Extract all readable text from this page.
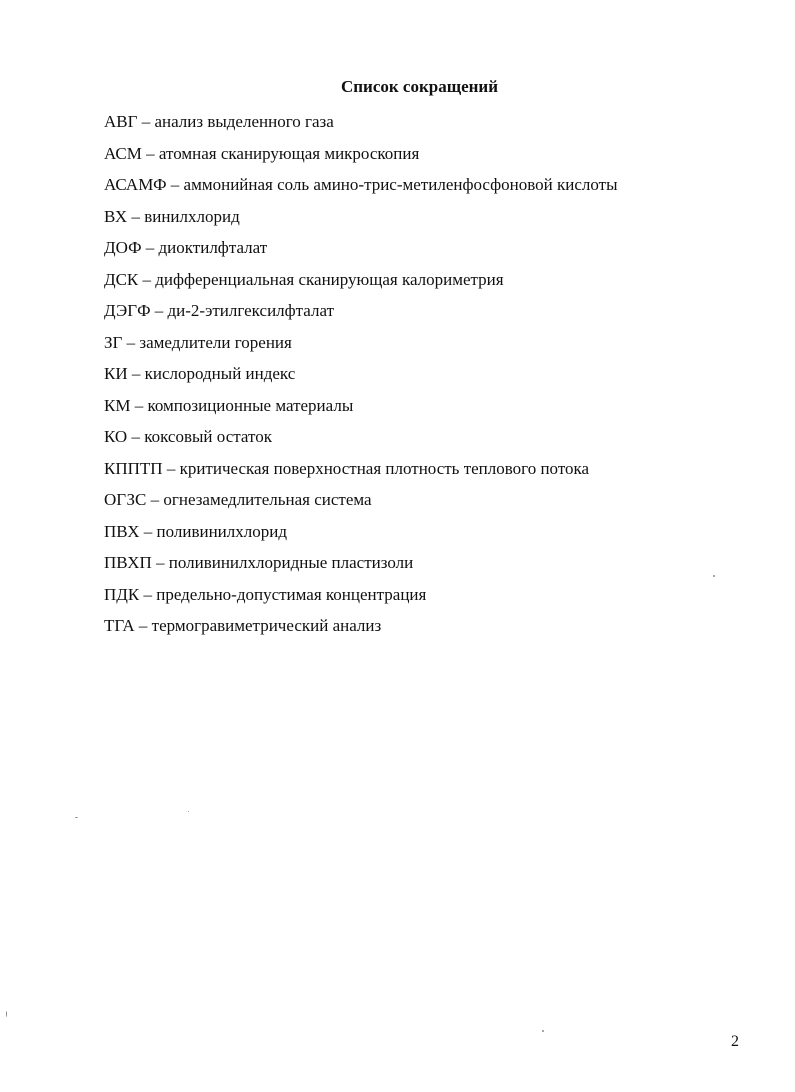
Список сокращений
АВГ – анализ выделенного газа
АСМ – атомная сканирующая микроскопия
АСАМФ – аммонийная соль амино-трис-метиленфосфоновой кислоты
ВХ – винилхлорид
ДОФ – диоктилфталат
ДСК – дифференциальная сканирующая калориметрия
ДЭГФ – ди-2-этилгексилфталат
ЗГ – замедлители горения
КИ – кислородный индекс
КМ – композиционные материалы
КО – коксовый остаток
КППТП – критическая поверхностная плотность теплового потока
ОГЗС – огнезамедлительная система
ПВХ – поливинилхлорид
ПВХП – поливинилхлоридные пластизоли
ПДК – предельно-допустимая концентрация
ТГА – термогравиметрический анализ
2
